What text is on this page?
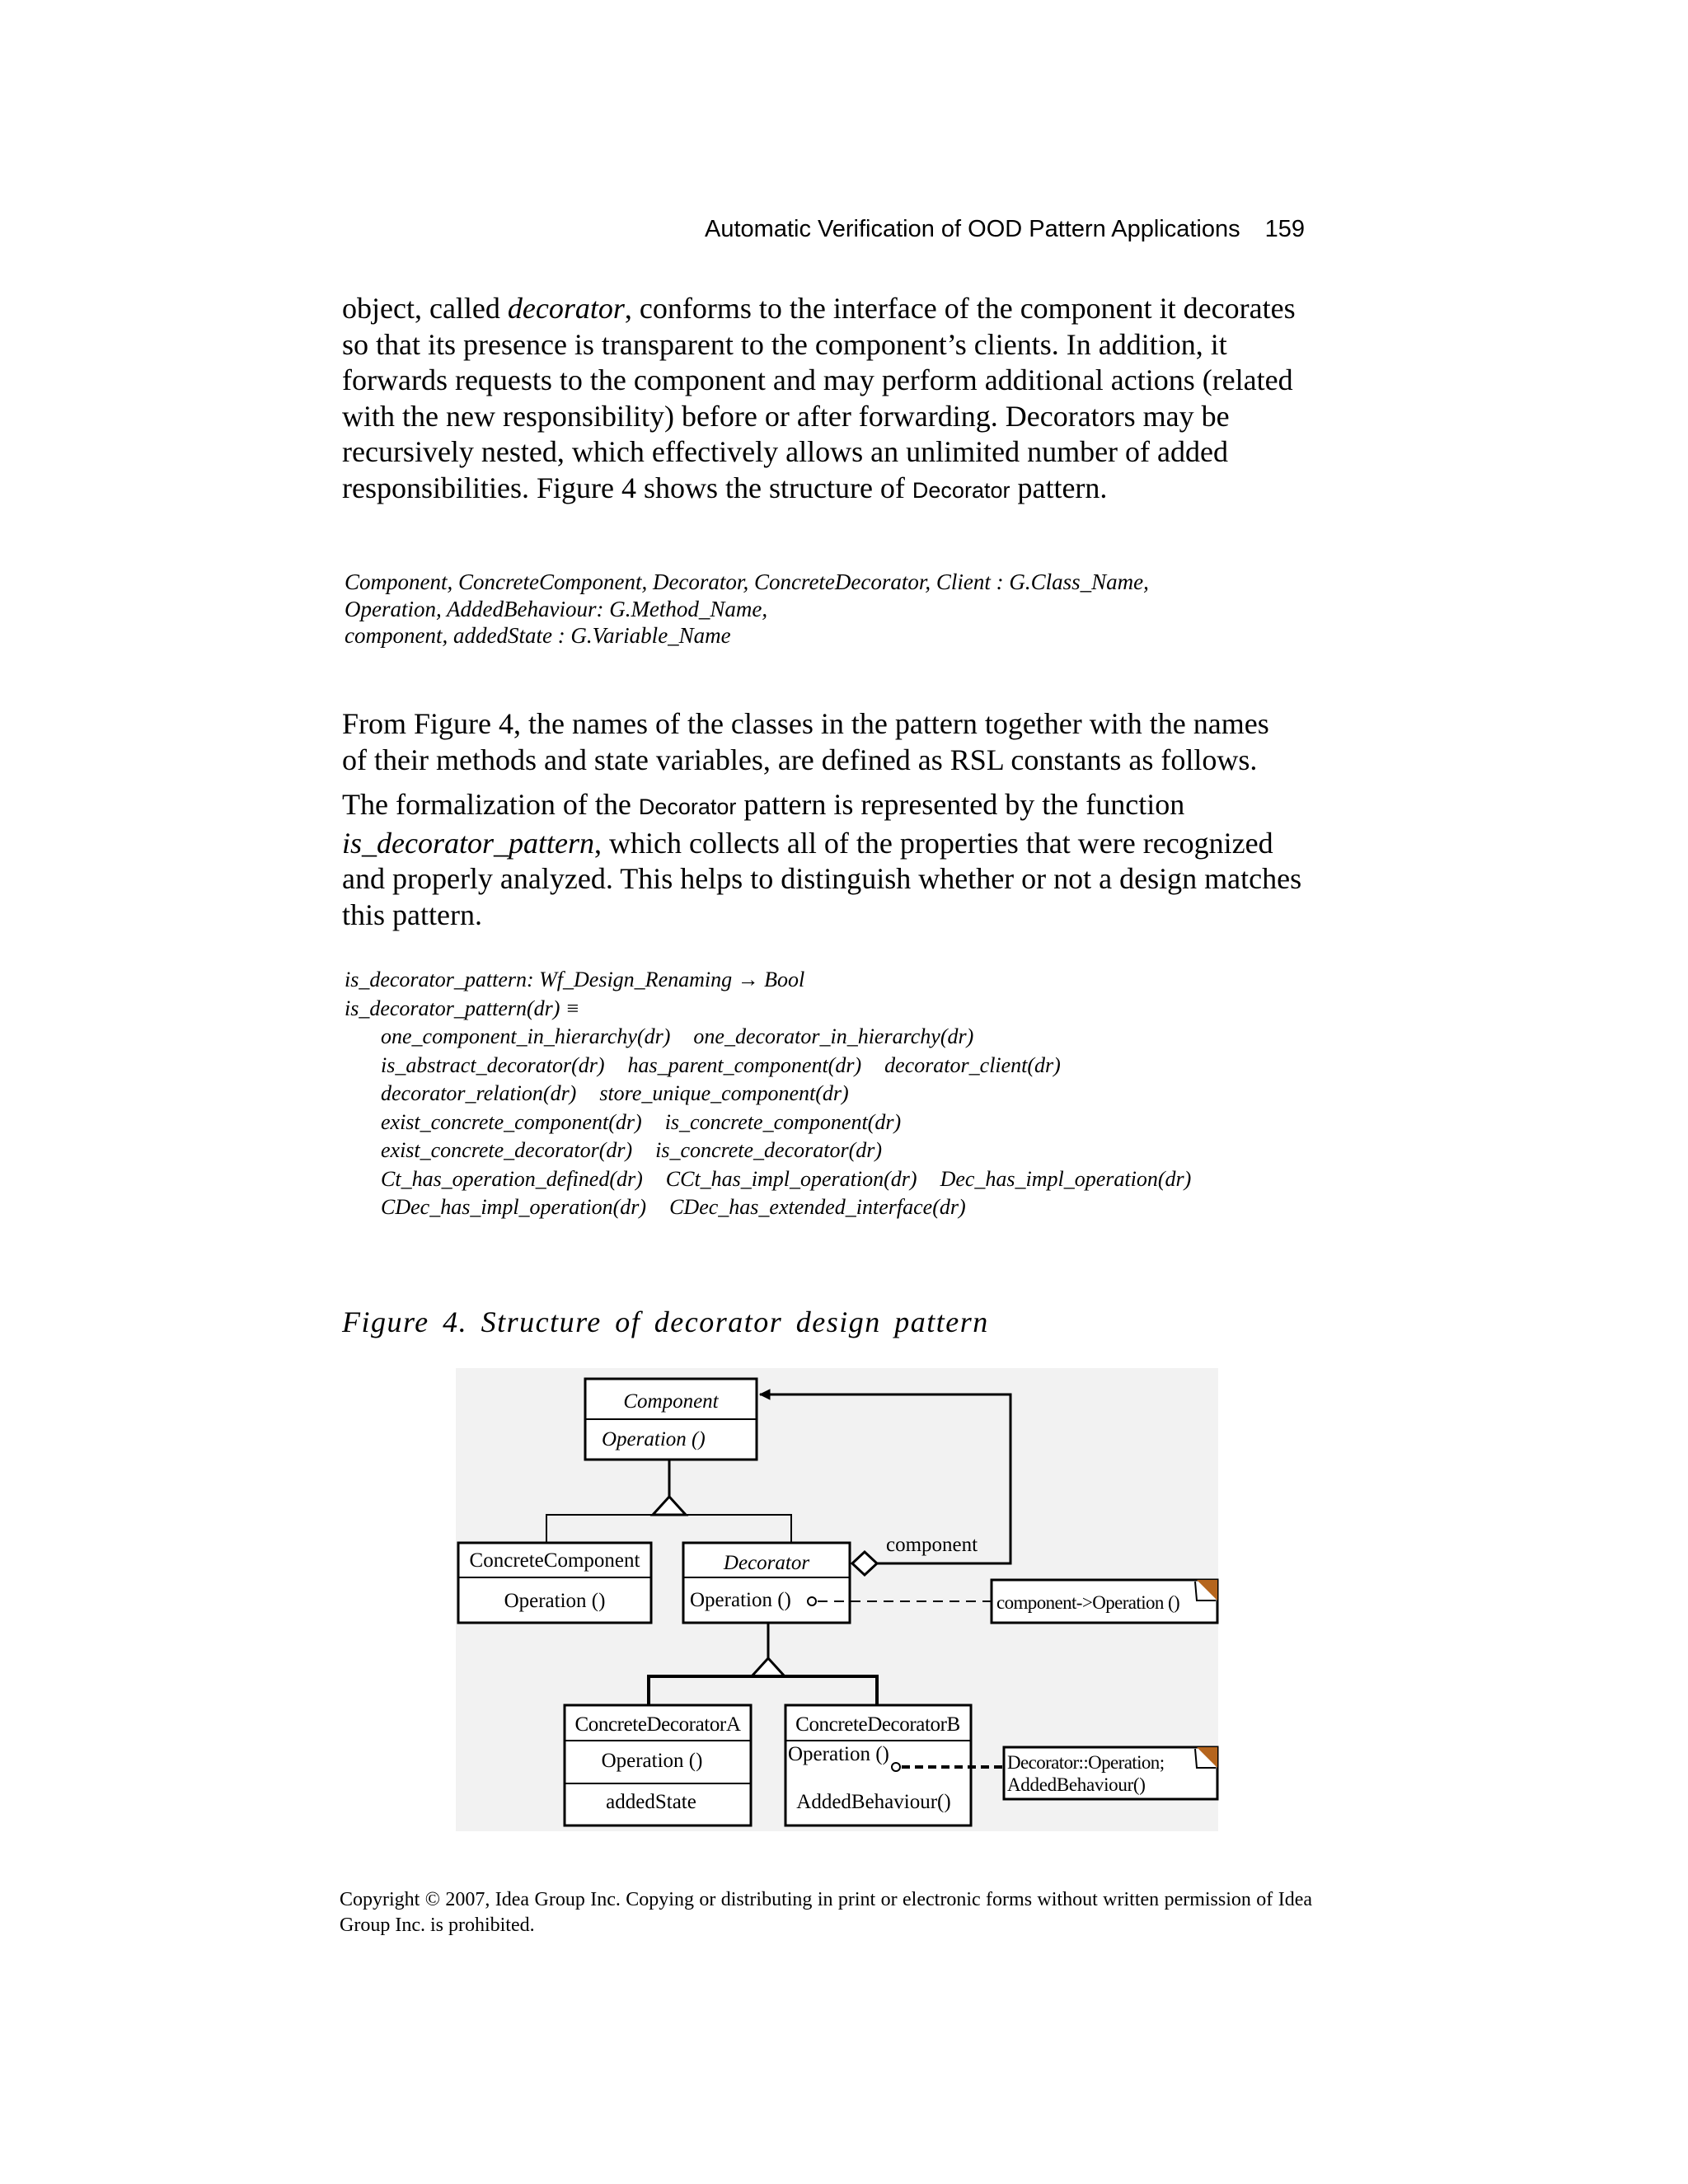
Automatic Verification of OOD Pattern Applications 159
object, called decorator, conforms to the interface of the component it decorates
so that its presence is transparent to the component’s clients. In addition, it
forwards requests to the component and may perform additional actions (related
with the new responsibility) before or after forwarding. Decorators may be
recursively nested, which effectively allows an unlimited number of added
responsibilities. Figure 4 shows the structure of Decorator pattern.
Component, ConcreteComponent, Decorator, ConcreteDecorator, Client : G.Class_Name,
Operation, AddedBehaviour: G.Method_Name,
component, addedState : G.Variable_Name
From Figure 4, the names of the classes in the pattern together with the names
of their methods and state variables, are defined as RSL constants as follows.
The formalization of the Decorator pattern is represented by the function
is_decorator_pattern, which collects all of the properties that were recognized
and properly analyzed. This helps to distinguish whether or not a design matches
this pattern.
is_decorator_pattern: Wf_Design_Renaming → Bool
is_decorator_pattern(dr) ≡
one_component_in_hierarchy(dr) one_decorator_in_hierarchy(dr)
is_abstract_decorator(dr) has_parent_component(dr) decorator_client(dr)
decorator_relation(dr) store_unique_component(dr)
exist_concrete_component(dr) is_concrete_component(dr)
exist_concrete_decorator(dr) is_concrete_decorator(dr)
Ct_has_operation_defined(dr) CCt_has_impl_operation(dr) Dec_has_impl_operation(dr)
CDec_has_impl_operation(dr) CDec_has_extended_interface(dr)
Figure 4. Structure of decorator design pattern
Component
Operation ()
ConcreteComponent
Operation ()
Decorator
Operation ()
component
component->Operation ()
ConcreteDecoratorA
Operation ()
addedState
ConcreteDecoratorB
Operation ()
AddedBehaviour()
Decorator::Operation;
AddedBehaviour()
Copyright © 2007, Idea Group Inc. Copying or distributing in print or electronic forms without written permission of Idea Group Inc. is prohibited.
